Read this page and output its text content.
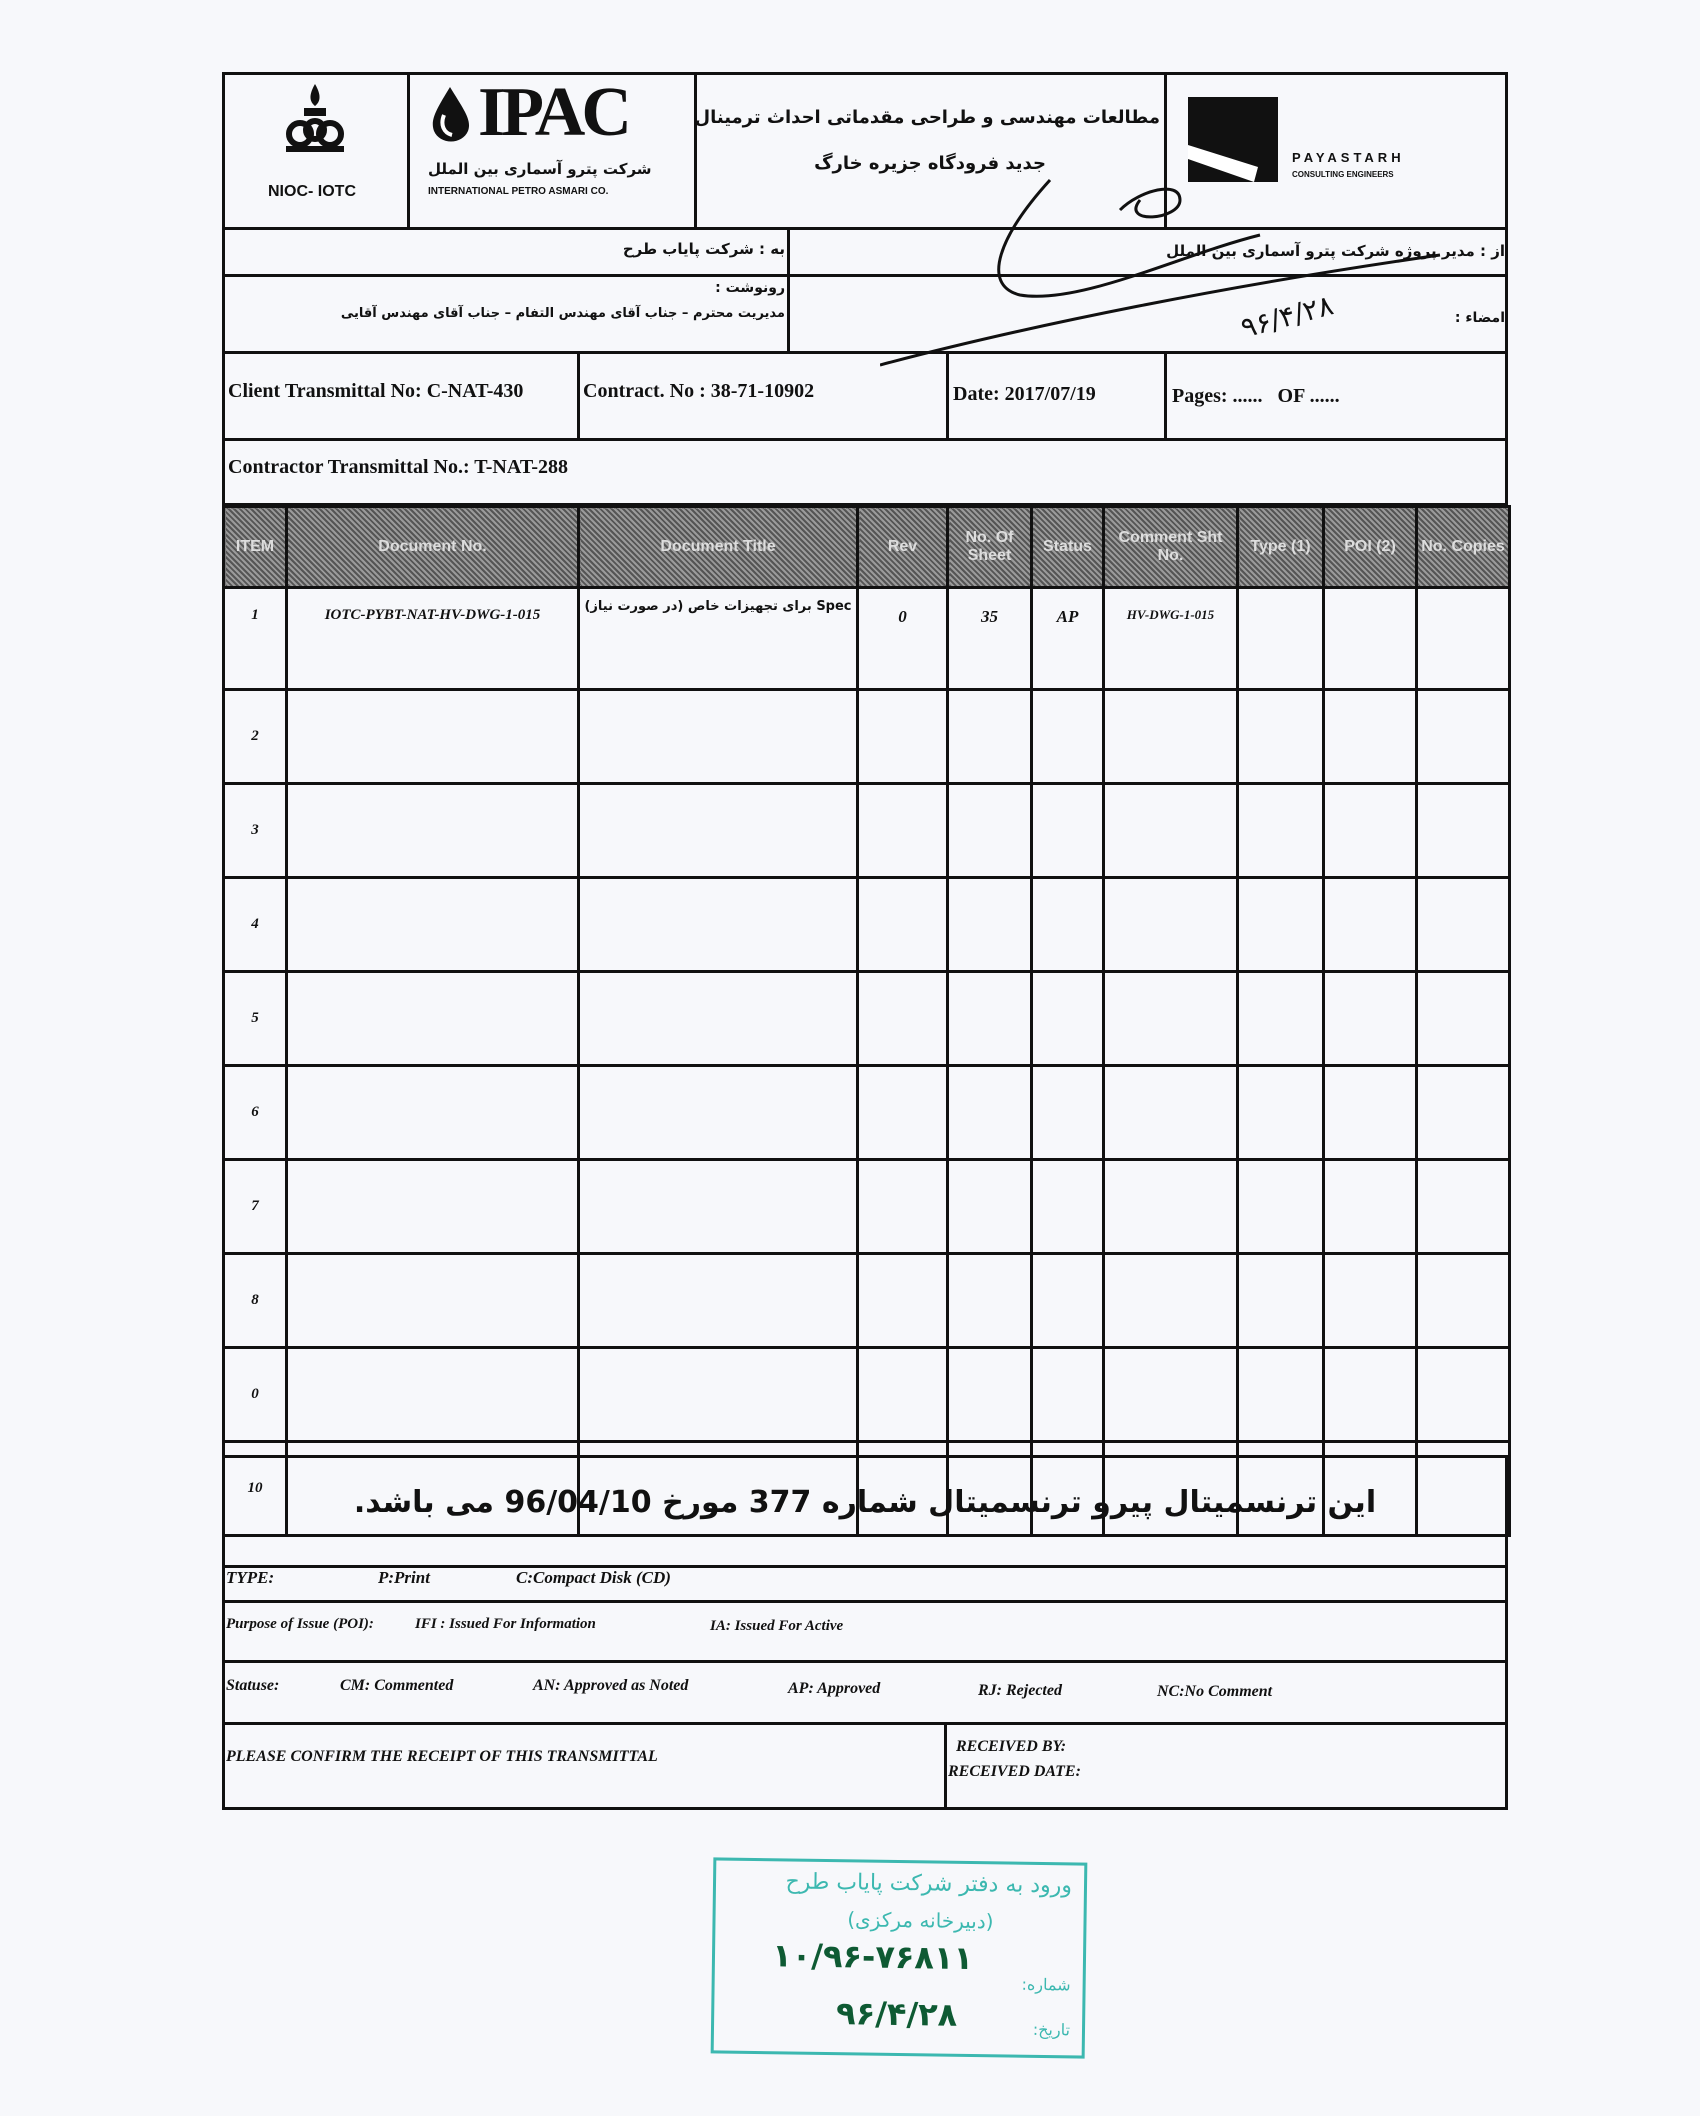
NIOC- IOTC
IPAC
شرکت پترو آسماری بین الملل
INTERNATIONAL PETRO ASMARI CO.
مطالعات مهندسی و طراحی مقدماتی احداث ترمینال
جدید فرودگاه جزیره خارگ	PAYASTARH
CONSULTING ENGINEERS
به : شرکت پایاب طرح	از : مدیر پروژه شرکت پترو آسماری بین الملل
رونوشت :
مدیریت محترم – جناب آقای مهندس التفام – جناب آقای مهندس آقایی	امضاء :
۹۶/۴/۲۸
Client Transmittal No: C-NAT-430	Contract. No : 38-71-10902	Date: 2017/07/19	Pages: ......   OF ......
Contractor Transmittal No.: T-NAT-288
ITEM	Document No.	Document Title	Rev	No. Of Sheet	Status	Comment Sht No.	Type (1)	POI (2)	No. Copies
1	IOTC-PYBT-NAT-HV-DWG-1-015	Spec برای تجهیزات خاص (در صورت نیاز)	0	35	AP	HV-DWG-1-015			
2									
3									
4									
5									
6									
7									
8									
0									
10										این ترنسمیتال پیرو ترنسمیتال شماره 377 مورخ 96/04/10 می باشد.
TYPE:	P:Print	C:Compact Disk (CD)
Purpose of Issue (POI):	IFI : Issued For Information	IA: Issued For Active
Statuse:	CM: Commented	AN: Approved as Noted	AP: Approved	RJ: Rejected	NC:No Comment
PLEASE CONFIRM THE RECEIPT OF THIS TRANSMITTAL
RECEIVED BY:
RECEIVED DATE:
ورود به دفتر شرکت پایاب طرح
(دبیرخانه مرکزی)
شماره:
۱۰/۹۶-۷۶۸۱۱
تاریخ:
۹۶/۴/۲۸
